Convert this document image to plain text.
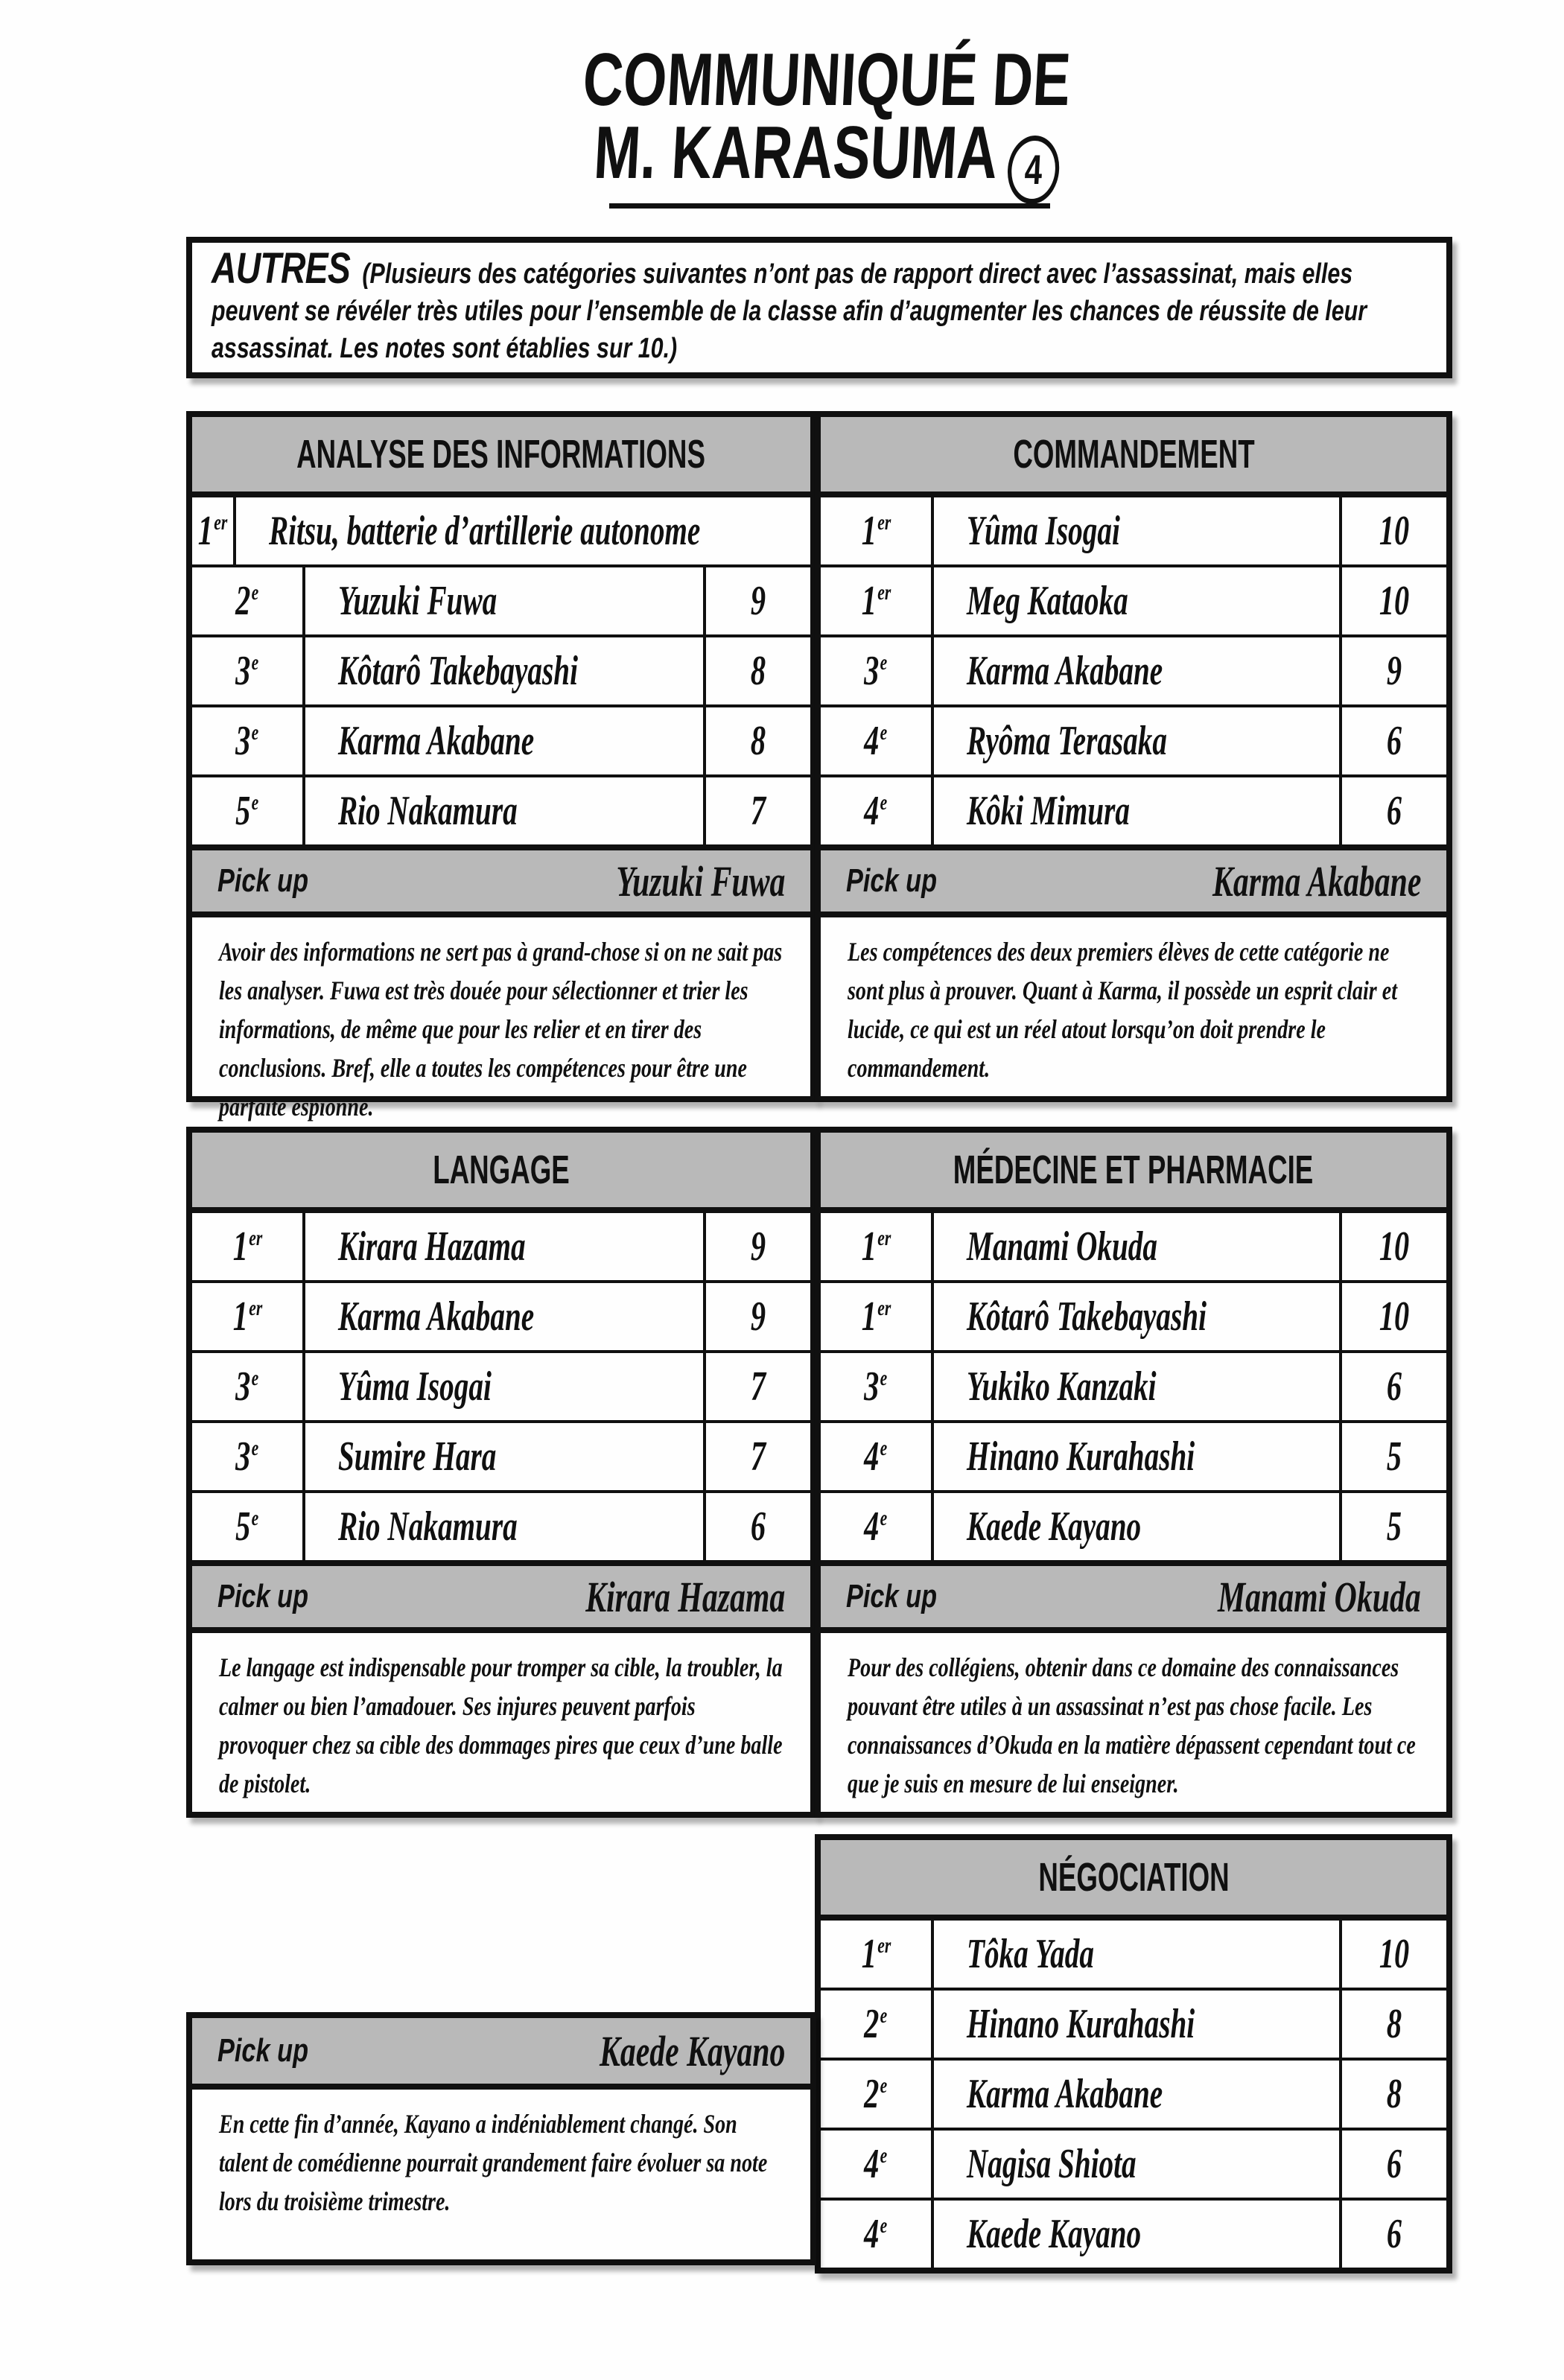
COMMUNIQUÉ DE
M. KARASUMA 4
AUTRES (Plusieurs des catégories suivantes n’ont pas de rapport direct avec l’assassinat, mais elles peuvent se révéler très utiles pour l’ensemble de la classe afin d’augmenter les chances de réussite de leur assassinat. Les notes sont établies sur 10.)
ANALYSE DES INFORMATIONS
1er Ritsu, batterie d’artillerie autonome
2e Yuzuki Fuwa	9
3e Kôtarô Takebayashi	8
3e Karma Akabane	8
5e Rio Nakamura	7
Pick up	Yuzuki Fuwa
Avoir des informations ne sert pas à grand-chose si on ne sait pas les analyser. Fuwa est très douée pour sélectionner et trier les informations, de même que pour les relier et en tirer des conclusions. Bref, elle a toutes les compétences pour être une parfaite espionne.
COMMANDEMENT
1er Yûma Isogai	10
1er Meg Kataoka	10
3e Karma Akabane	9
4e Ryôma Terasaka	6
4e Kôki Mimura	6
Pick up	Karma Akabane
Les compétences des deux premiers élèves de cette catégorie ne sont plus à prouver. Quant à Karma, il possède un esprit clair et lucide, ce qui est un réel atout lorsqu’on doit prendre le commandement.
LANGAGE
1er Kirara Hazama	9
1er Karma Akabane	9
3e Yûma Isogai	7
3e Sumire Hara	7
5e Rio Nakamura	6
Pick up	Kirara Hazama
Le langage est indispensable pour tromper sa cible, la troubler, la calmer ou bien l’amadouer. Ses injures peuvent parfois provoquer chez sa cible des dommages pires que ceux d’une balle de pistolet.
MÉDECINE ET PHARMACIE
1er Manami Okuda	10
1er Kôtarô Takebayashi	10
3e Yukiko Kanzaki	6
4e Hinano Kurahashi	5
4e Kaede Kayano	5
Pick up	Manami Okuda
Pour des collégiens, obtenir dans ce domaine des connaissances pouvant être utiles à un assassinat n’est pas chose facile. Les connaissances d’Okuda en la matière dépassent cependant tout ce que je suis en mesure de lui enseigner.
NÉGOCIATION
1er Tôka Yada	10
2e Hinano Kurahashi	8
2e Karma Akabane	8
4e Nagisa Shiota	6
4e Kaede Kayano	6
Pick up	Kaede Kayano
En cette fin d’année, Kayano a indéniablement changé. Son talent de comédienne pourrait grandement faire évoluer sa note lors du troisième trimestre.
